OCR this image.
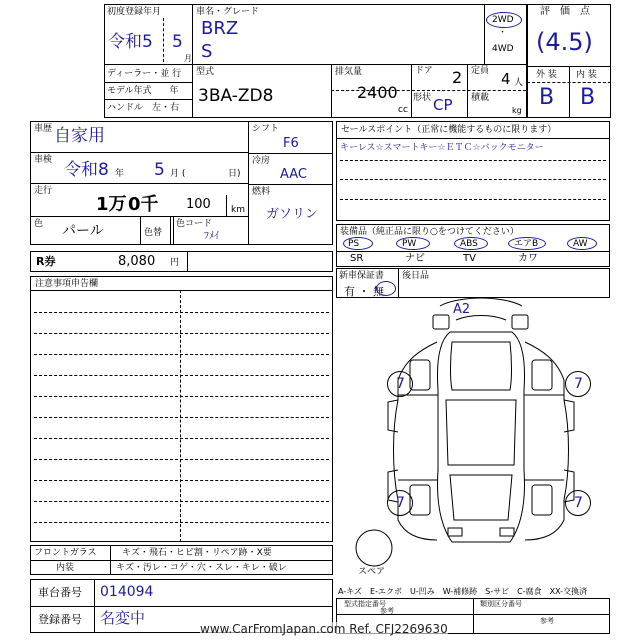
初度登録年月
令和5 5
月
車名・グレード
BRZ
S
2WD
・
4WD
評　価　点
(4.5)
ディーラー・並 行
モデル年式　　年
ハンドル　左・右
型式
3BA-ZD8
排気量
2400
cc
ドア 2 定員 4 人
形状 CP 積載
kg
外 装 内 装
B B
車歴 自家用
車検 令和8 年 5 月 (	日)
走行
1万 0千 100 km
色 パール	色替
色コード
ﾌﾒｲ
シフト
F6
冷房
AAC
燃料
ガソリン
R券	8,080 円
セールスポイント（正常に機能するものに限ります）
キーレス☆スマートキー☆ＥＴＣ☆バックモニター
装備品（純正品に限り○をつけてください）
PS	PW	ABS	エアB	AW
SR	ナビ	TV	カワ
新車保証書
有 ・ 無
後日品
注意事項申告欄
A2
7	7
7	7
スペア
フロントガラス	キズ・飛石・ヒビ割・リペア跡・X要
内装	キズ・汚レ・コゲ・穴・スレ・キレ・破レ
A-キズ　E-エクボ　U-凹み　W-補修跡　S-サビ　C-腐食　XX-交換済
車台番号 014094
登録番号 名変中
型式指定番号
参考
類別区分番号
参考
www.CarFromJapan.com Ref. CFJ2269630
